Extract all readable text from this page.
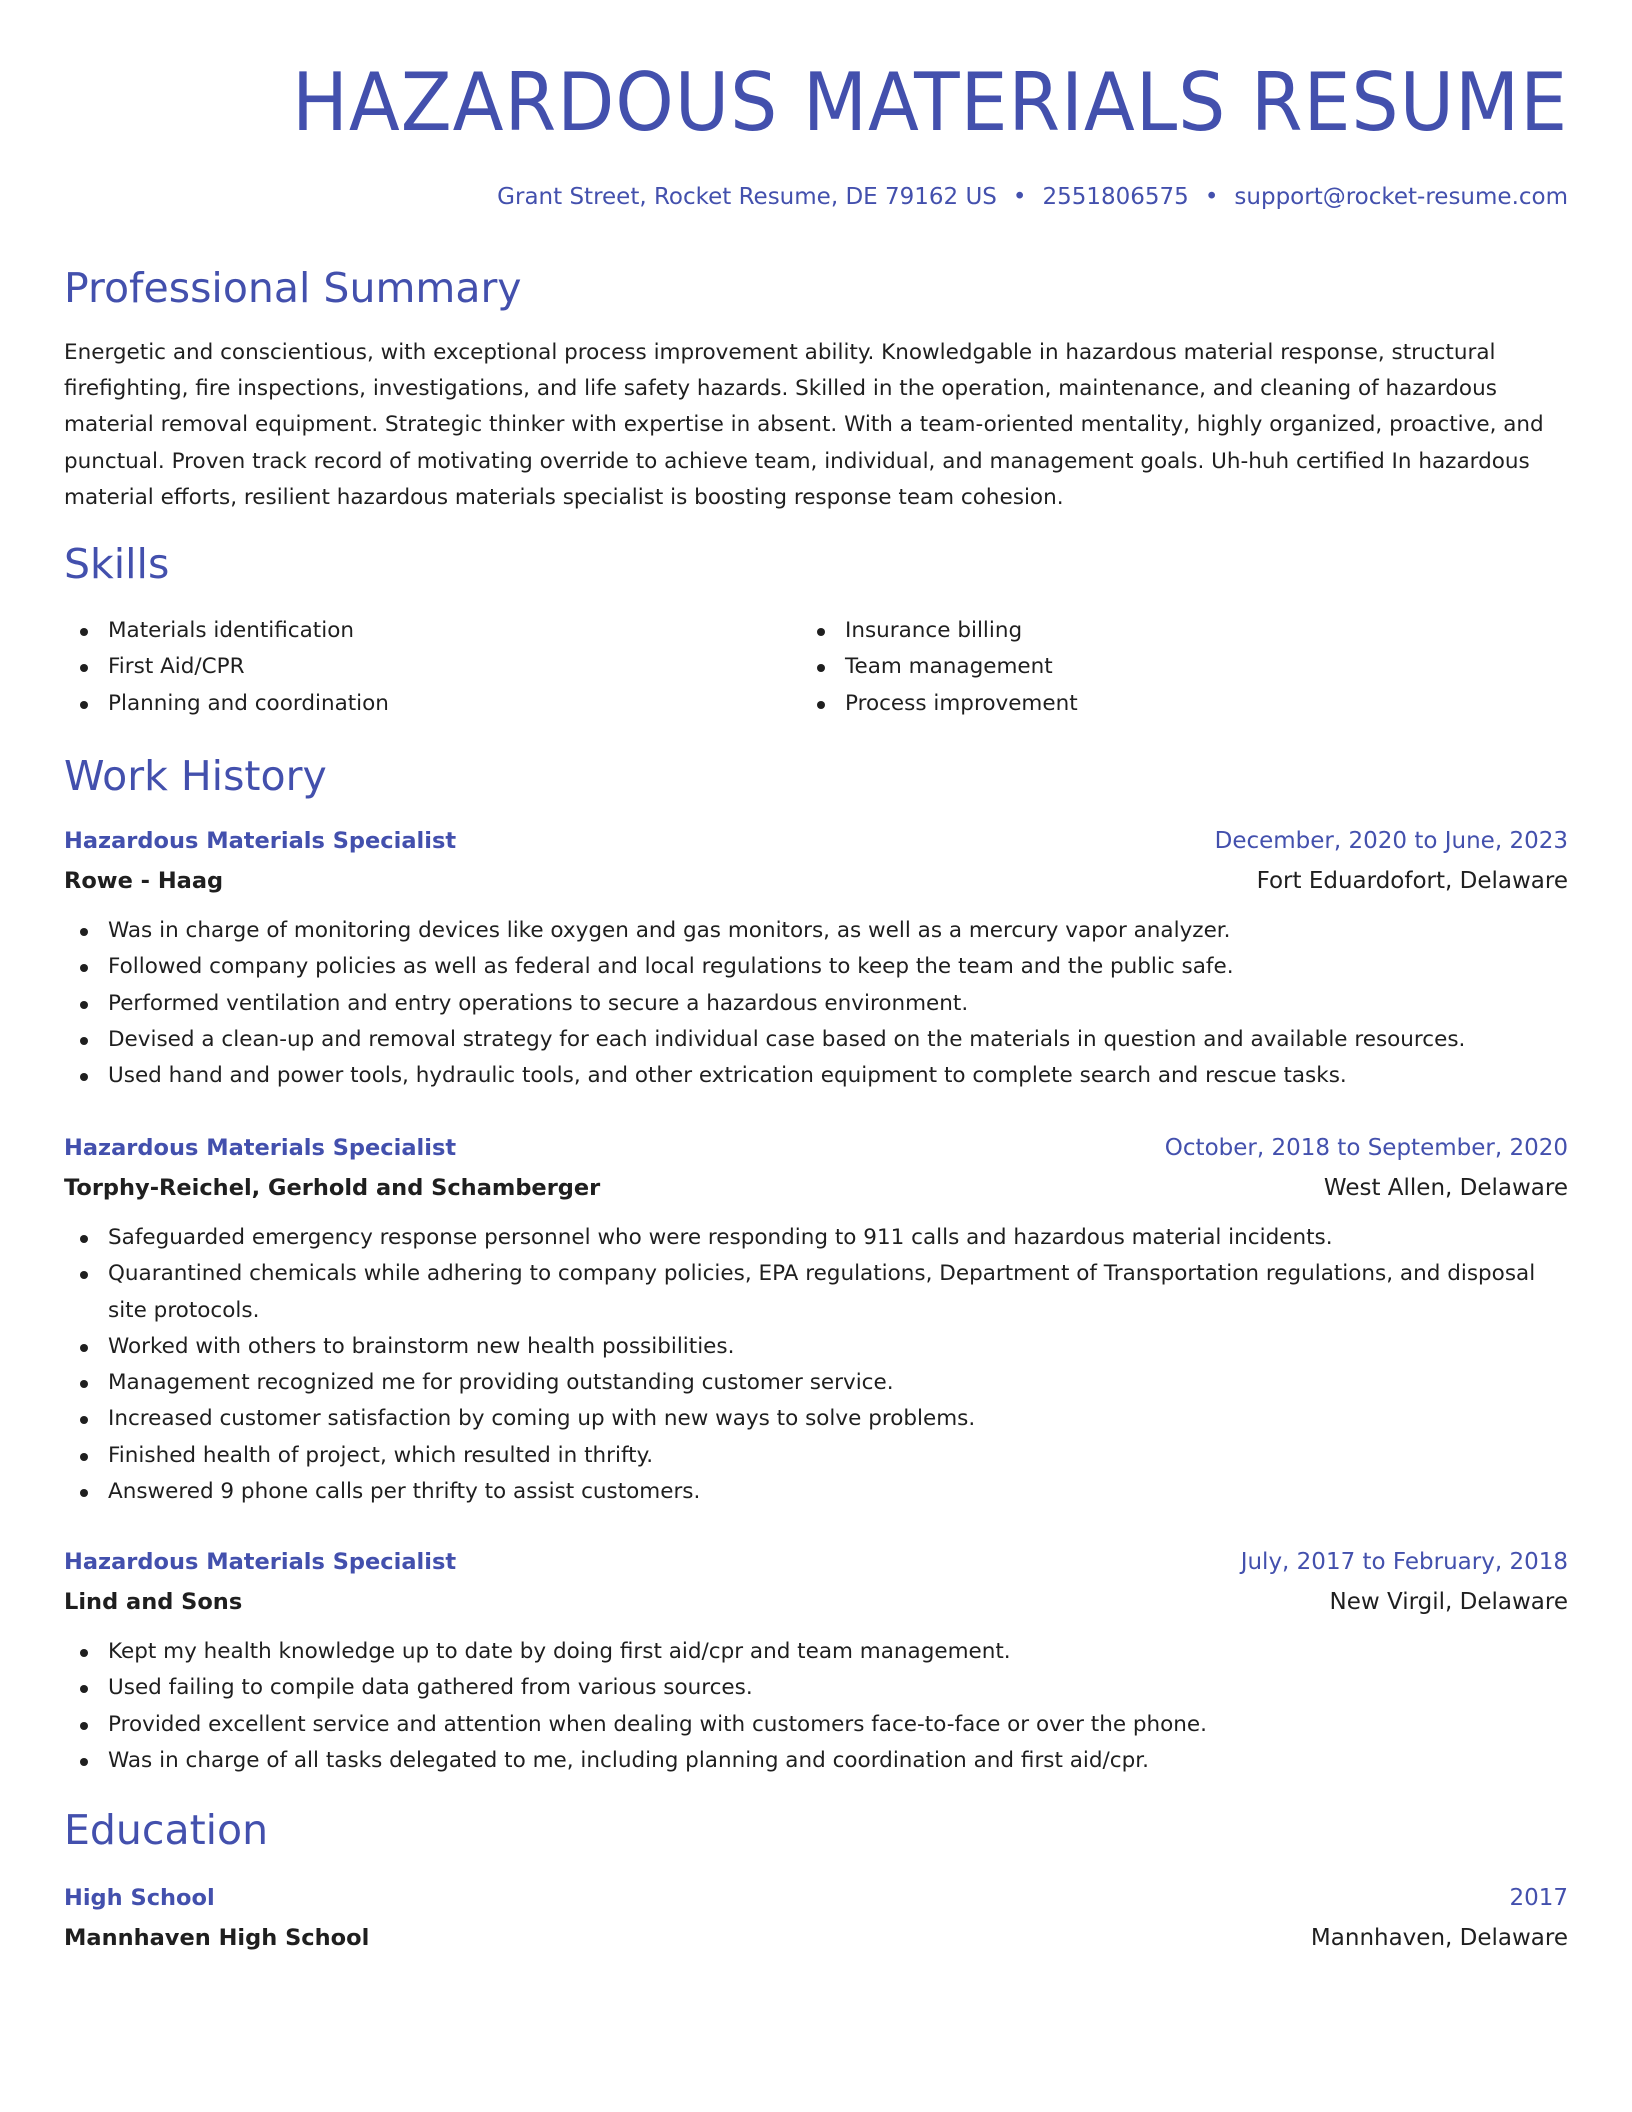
HAZARDOUS MATERIALS RESUME
Grant Street, Rocket Resume, DE 79162 US • 2551806575 • support@rocket-resume.com
Professional Summary

Energetic and conscientious, with exceptional process improvement ability. Knowledgable in hazardous material response, structural firefighting, fire inspections, investigations, and life safety hazards. Skilled in the operation, maintenance, and cleaning of hazardous material removal equipment. Strategic thinker with expertise in absent. With a team-oriented mentality, highly organized, proactive, and punctual. Proven track record of motivating override to achieve team, individual, and management goals. Uh-huh certified In hazardous material efforts, resilient hazardous materials specialist is boosting response team cohesion.

Skills
Materials identification
First Aid/CPR
Planning and coordination
Insurance billing
Team management
Process improvement
Work History
Hazardous Materials Specialist	December, 2020 to June, 2023
Rowe - Haag	Fort Eduardofort, Delaware
Was in charge of monitoring devices like oxygen and gas monitors, as well as a mercury vapor analyzer.
Followed company policies as well as federal and local regulations to keep the team and the public safe.
Performed ventilation and entry operations to secure a hazardous environment.
Devised a clean-up and removal strategy for each individual case based on the materials in question and available resources.
Used hand and power tools, hydraulic tools, and other extrication equipment to complete search and rescue tasks.
Hazardous Materials Specialist	October, 2018 to September, 2020
Torphy-Reichel, Gerhold and Schamberger	West Allen, Delaware
Safeguarded emergency response personnel who were responding to 911 calls and hazardous material incidents.
Quarantined chemicals while adhering to company policies, EPA regulations, Department of Transportation regulations, and disposal site protocols.
Worked with others to brainstorm new health possibilities.
Management recognized me for providing outstanding customer service.
Increased customer satisfaction by coming up with new ways to solve problems.
Finished health of project, which resulted in thrifty.
Answered 9 phone calls per thrifty to assist customers.
Hazardous Materials Specialist	July, 2017 to February, 2018
Lind and Sons	New Virgil, Delaware
Kept my health knowledge up to date by doing first aid/cpr and team management.
Used failing to compile data gathered from various sources.
Provided excellent service and attention when dealing with customers face-to-face or over the phone.
Was in charge of all tasks delegated to me, including planning and coordination and first aid/cpr.
Education
High School	2017
Mannhaven High School	Mannhaven, Delaware
